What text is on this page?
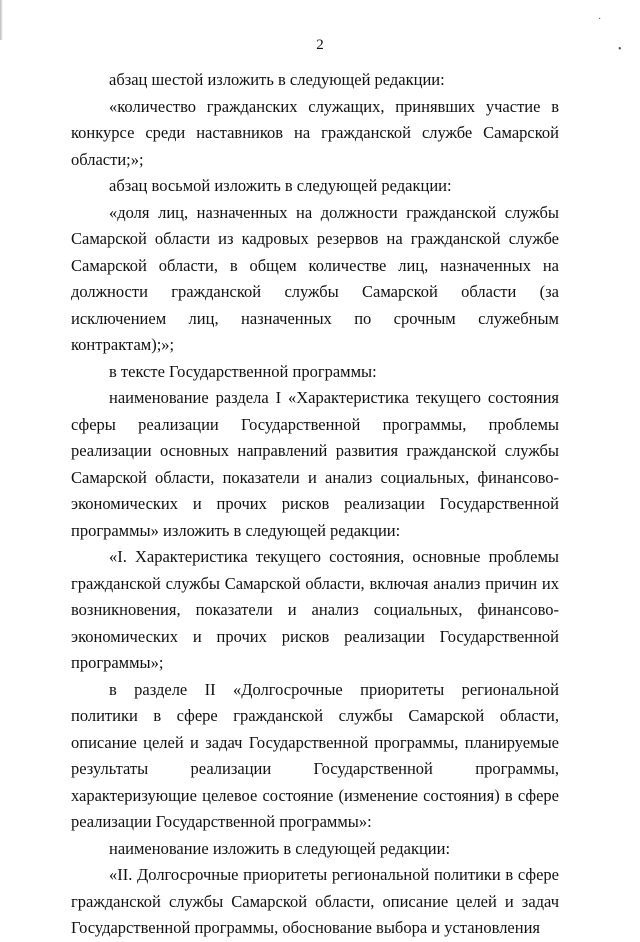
·
•
2

абзац шестой изложить в следующей редакции:

«количество гражданских служащих, принявших участие в конкурсе среди наставников на гражданской службе Самарской области;»;

абзац восьмой изложить в следующей редакции:

«доля лиц, назначенных на должности гражданской службы Самарской области из кадровых резервов на гражданской службе Самарской области, в общем количестве лиц, назначенных на должности гражданской службы Самарской области (за исключением лиц, назначенных по срочным служебным контрактам);»;

в тексте Государственной программы:

наименование раздела I «Характеристика текущего состояния сферы реализации Государственной программы, проблемы реализации основных направлений развития гражданской службы Самарской области, показатели и анализ социальных, финансово-экономических и прочих рисков реализации Государственной программы» изложить в следующей редакции:

«I. Характеристика текущего состояния, основные проблемы гражданской службы Самарской области, включая анализ причин их возникновения, показатели и анализ социальных, финансово-экономических и прочих рисков реализации Государственной программы»;

в разделе II «Долгосрочные приоритеты региональной политики в сфере гражданской службы Самарской области, описание целей и задач Государственной программы, планируемые результаты реализации Государственной программы, характеризующие целевое состояние (изменение состояния) в сфере реализации Государственной программы»:

наименование изложить в следующей редакции:

«II. Долгосрочные приоритеты региональной политики в сфере гражданской службы Самарской области, описание целей и задач Государственной программы, обоснование выбора и установления
